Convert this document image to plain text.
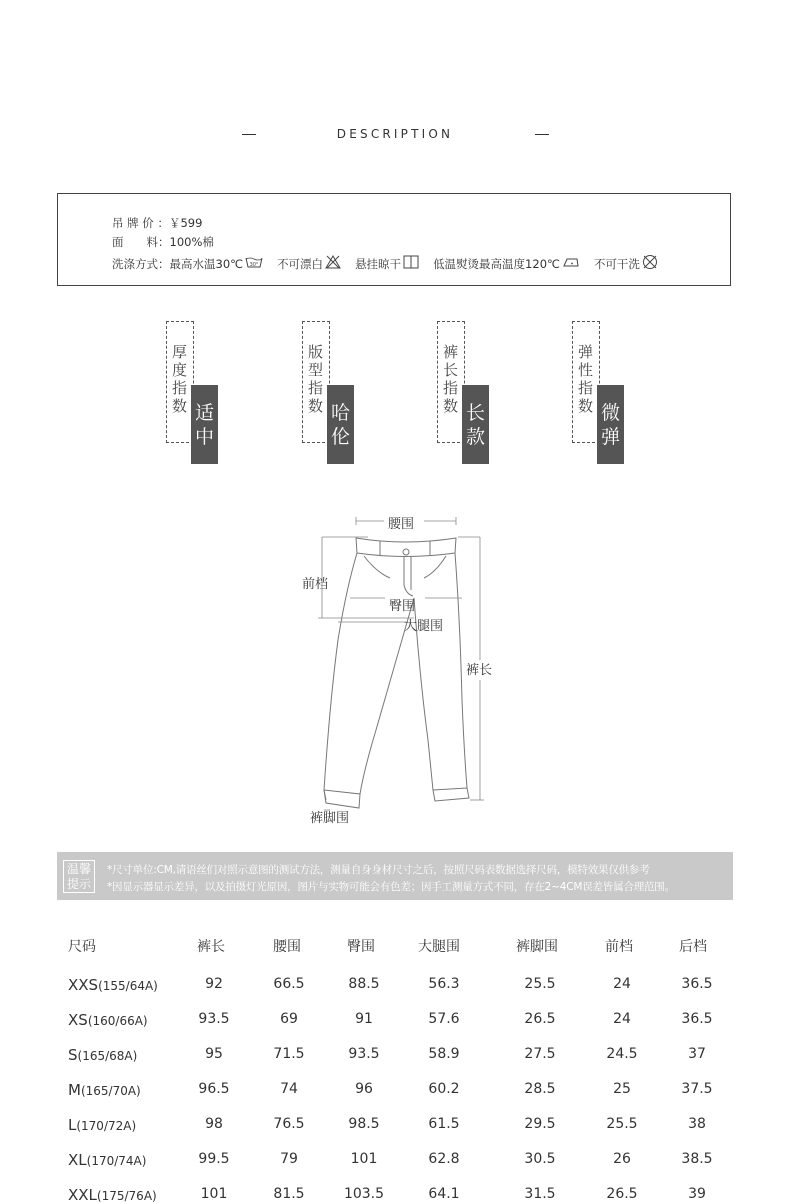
DESCRIPTION
吊 牌 价 ：￥599
面　　料：100%棉
洗涤方式： 最高水温30℃ 30° 不可漂白	悬挂晾干	低温熨烫最高温度120℃	不可干洗
厚度指数 适中
版型指数 哈伦
裤长指数 长款
弹性指数 微弹
腰围
前档
臀围
大腿围
裤长
裤脚围
温馨提示
*尺寸单位:CM,请语丝们对照示意图的测试方法，测量自身身材尺寸之后，按照尺码表数据选择尺码，模特效果仅供参考
*因显示器显示差异，以及拍摄灯光原因，图片与实物可能会有色差；因手工测量方式不同，存在2~4CM误差皆属合理范围。
尺码	裤长	腰围	臀围	大腿围	裤脚围	前档	后档
XXS(155/64A)	92	66.5	88.5	56.3	25.5	24	36.5
XS(160/66A)	93.5	69	91	57.6	26.5	24	36.5
S(165/68A)	95	71.5	93.5	58.9	27.5	24.5	37
M(165/70A)	96.5	74	96	60.2	28.5	25	37.5
L(170/72A)	98	76.5	98.5	61.5	29.5	25.5	38
XL(170/74A)	99.5	79	101	62.8	30.5	26	38.5
XXL(175/76A)	101	81.5	103.5	64.1	31.5	26.5	39
